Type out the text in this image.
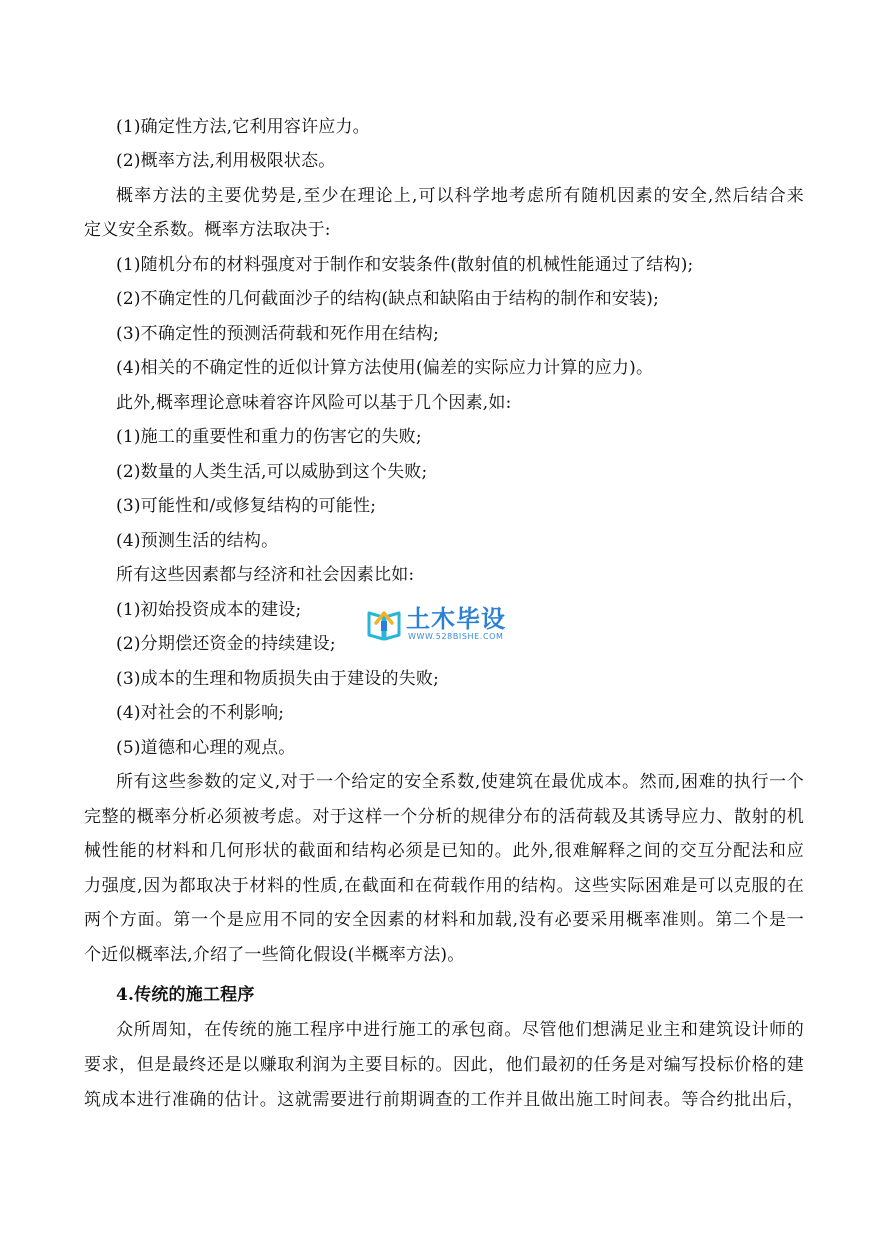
(1)确定性方法,它利用容许应力。
(2)概率方法,利用极限状态。
概率方法的主要优势是,至少在理论上,可以科学地考虑所有随机因素的安全,然后结合来
定义安全系数。概率方法取决于:
(1)随机分布的材料强度对于制作和安装条件(散射值的机械性能通过了结构);
(2)不确定性的几何截面沙子的结构(缺点和缺陷由于结构的制作和安装);
(3)不确定性的预测活荷载和死作用在结构;
(4)相关的不确定性的近似计算方法使用(偏差的实际应力计算的应力)。
此外,概率理论意味着容许风险可以基于几个因素,如:
(1)施工的重要性和重力的伤害它的失败;
(2)数量的人类生活,可以威胁到这个失败;
(3)可能性和/或修复结构的可能性;
(4)预测生活的结构。
所有这些因素都与经济和社会因素比如:
(1)初始投资成本的建设;
(2)分期偿还资金的持续建设;
(3)成本的生理和物质损失由于建设的失败;
(4)对社会的不利影响;
(5)道德和心理的观点。
所有这些参数的定义,对于一个给定的安全系数,使建筑在最优成本。然而,困难的执行一个
完整的概率分析必须被考虑。对于这样一个分析的规律分布的活荷载及其诱导应力、散射的机
械性能的材料和几何形状的截面和结构必须是已知的。此外,很难解释之间的交互分配法和应
力强度,因为都取决于材料的性质,在截面和在荷载作用的结构。这些实际困难是可以克服的在
两个方面。第一个是应用不同的安全因素的材料和加载,没有必要采用概率准则。第二个是一
个近似概率法,介绍了一些简化假设(半概率方法)。
4.传统的施工程序
众所周知，在传统的施工程序中进行施工的承包商。尽管他们想满足业主和建筑设计师的
要求，但是最终还是以赚取利润为主要目标的。因此，他们最初的任务是对编写投标价格的建
筑成本进行准确的估计。这就需要进行前期调查的工作并且做出施工时间表。等合约批出后，
土木毕设
WWW.528BISHE.COM
